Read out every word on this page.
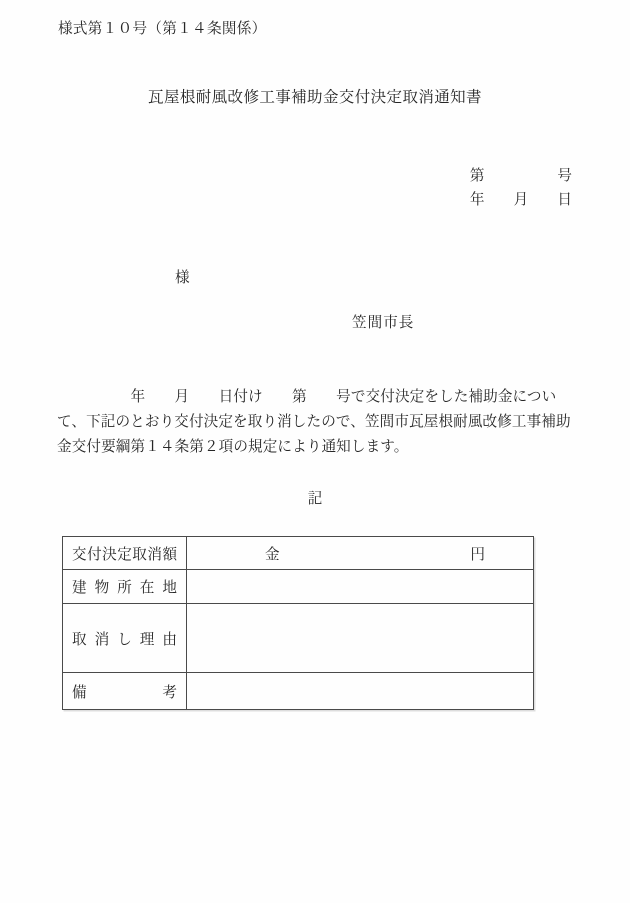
様式第１０号（第１４条関係）
瓦屋根耐風改修工事補助金交付決定取消通知書
第　　　　　号
年　　月　　日
様
笠間市長
　　　　　年　　月　　日付け　　第　　号で交付決定をした補助金につい
て、下記のとおり交付決定を取り消したので、笠間市瓦屋根耐風改修工事補助
金交付要綱第１４条第２項の規定により通知します。
記
交 付 決 定 取 消 額	金	円

建 物 所 在 地	

取 消 し 理 由	

備 考	
